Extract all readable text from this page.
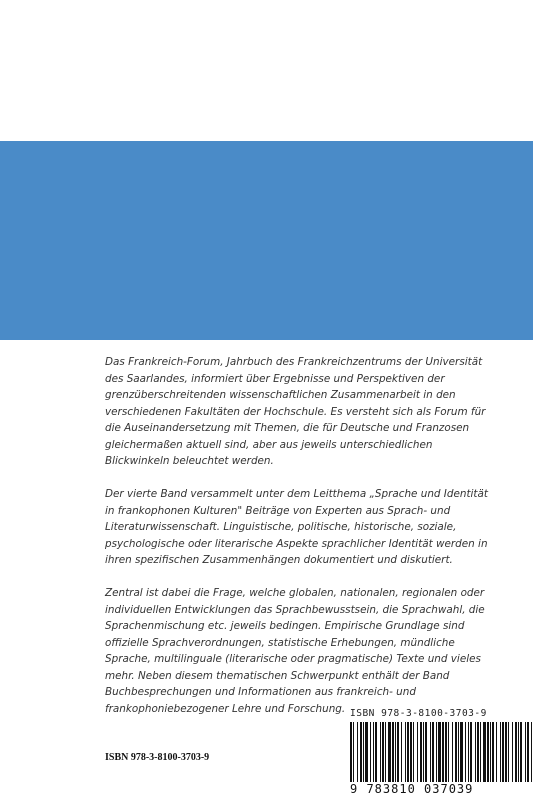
Das Frankreich-Forum, Jahrbuch des Frankreichzentrums der Universität des Saarlandes, informiert über Ergebnisse und Perspektiven der grenzüberschreitenden wissenschaftlichen Zusammenarbeit in den verschiedenen Fakultäten der Hochschule. Es versteht sich als Forum für die Auseinandersetzung mit Themen, die für Deutsche und Franzosen gleichermaßen aktuell sind, aber aus jeweils unterschiedlichen Blickwinkeln beleuchtet werden.

Der vierte Band versammelt unter dem Leitthema „Sprache und Identität in frankophonen Kulturen" Beiträge von Experten aus Sprach- und Literaturwissenschaft. Linguistische, politische, historische, soziale, psychologische oder literarische Aspekte sprachlicher Identität werden in ihren spezifischen Zusammenhängen dokumentiert und diskutiert.

Zentral ist dabei die Frage, welche globalen, nationalen, regionalen oder individuellen Entwicklungen das Sprachbewusstsein, die Sprachwahl, die Sprachenmischung etc. jeweils bedingen. Empirische Grundlage sind offizielle Sprachverordnungen, statistische Erhebungen, mündliche Sprache, multilinguale (literarische oder pragmatische) Texte und vieles mehr. Neben diesem thematischen Schwerpunkt enthält der Band Buchbesprechungen und Informationen aus frankreich- und frankophoniebezogener Lehre und Forschung.

ISBN 978-3-8100-3703-9
ISBN 978-3-8100-3703-9
9 783810 037039
